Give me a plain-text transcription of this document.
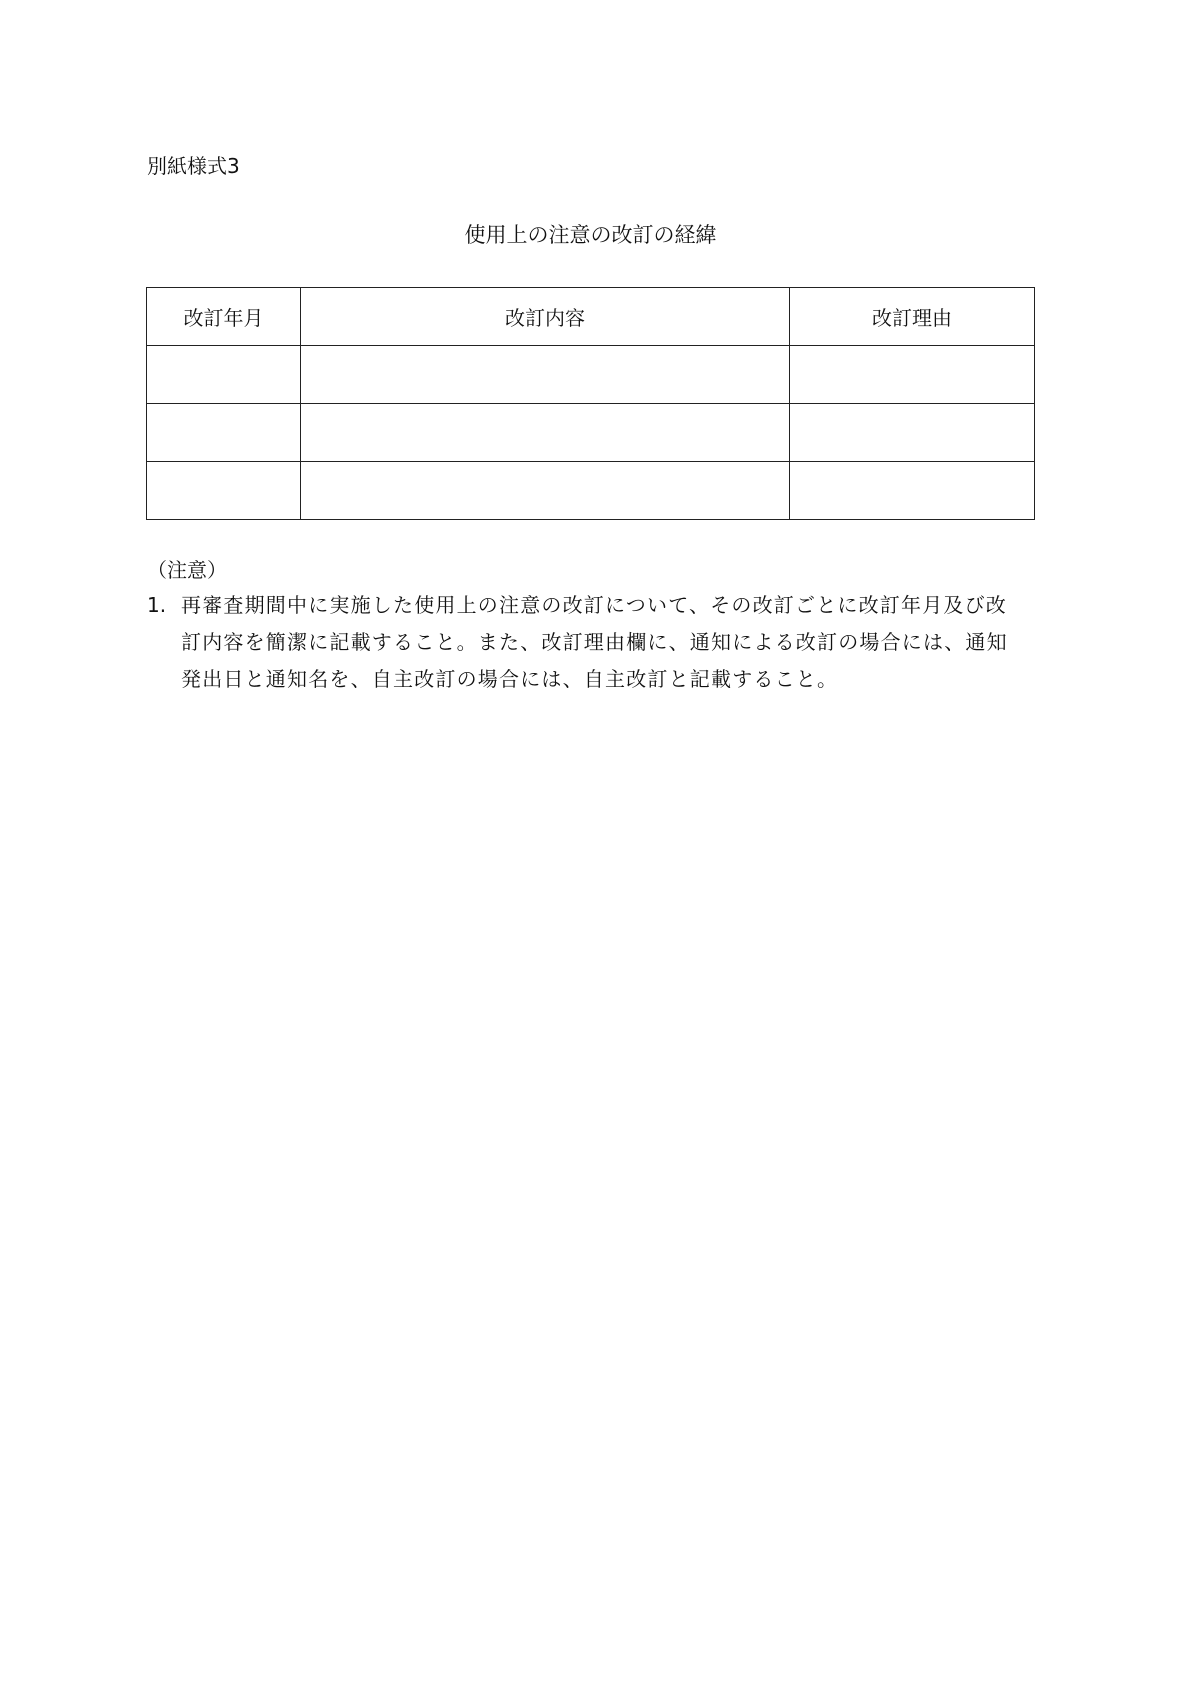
別紙様式3
使用上の注意の改訂の経緯
改訂年月	改訂内容	改訂理由

（注意）
1. 再審査期間中に実施した使用上の注意の改訂について、その改訂ごとに改訂年月及び改
訂内容を簡潔に記載すること。また、改訂理由欄に、通知による改訂の場合には、通知
発出日と通知名を、自主改訂の場合には、自主改訂と記載すること。
